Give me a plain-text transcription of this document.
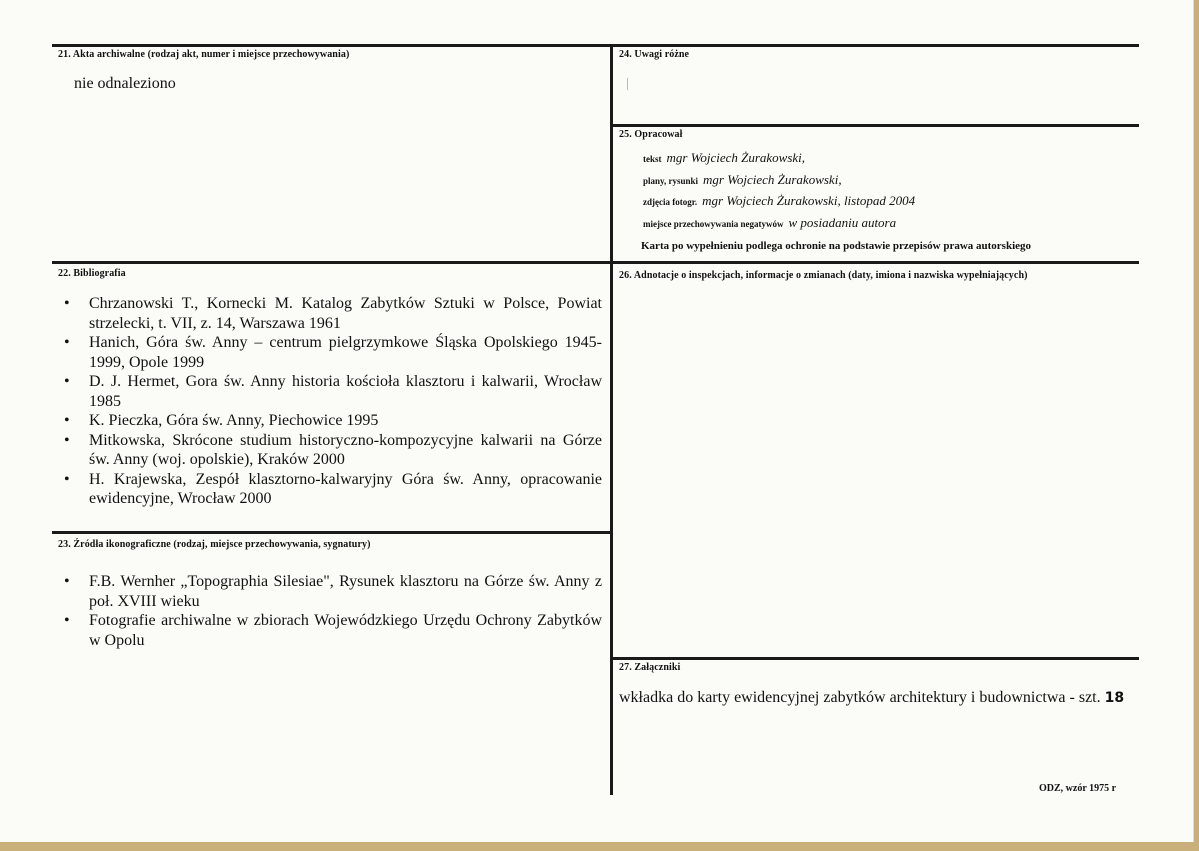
21. Akta archiwalne (rodzaj akt, numer i miejsce przechowywania)
nie odnaleziono
22. Bibliografia
• Chrzanowski T., Kornecki M. Katalog Zabytków Sztuki w Polsce, Powiat strzelecki, t. VII, z. 14, Warszawa 1961
• Hanich, Góra św. Anny – centrum pielgrzymkowe Śląska Opolskiego 1945-1999, Opole 1999
• D. J. Hermet, Gora św. Anny historia kościoła klasztoru i kalwarii, Wrocław 1985
• K. Pieczka, Góra św. Anny, Piechowice 1995
• Mitkowska, Skrócone studium historyczno-kompozycyjne kalwarii na Górze św. Anny (woj. opolskie), Kraków 2000
• H. Krajewska, Zespół klasztorno-kalwaryjny Góra św. Anny, opracowanie ewidencyjne, Wrocław 2000
23. Źródła ikonograficzne (rodzaj, miejsce przechowywania, sygnatury)
• F.B. Wernher „Topographia Silesiae", Rysunek klasztoru na Górze św. Anny z poł. XVIII wieku
• Fotografie archiwalne w zbiorach Wojewódzkiego Urzędu Ochrony Zabytków w Opolu
24. Uwagi różne
25. Opracował
tekst mgr Wojciech Żurakowski,
plany, rysunki mgr Wojciech Żurakowski,
zdjęcia fotogr. mgr Wojciech Żurakowski, listopad 2004
miejsce przechowywania negatywów w posiadaniu autora
Karta po wypełnieniu podlega ochronie na podstawie przepisów prawa autorskiego
26. Adnotacje o inspekcjach, informacje o zmianach (daty, imiona i nazwiska wypełniających)
27. Załączniki
wkładka do karty ewidencyjnej zabytków architektury i budownictwa - szt. 18
ODZ, wzór 1975 r
